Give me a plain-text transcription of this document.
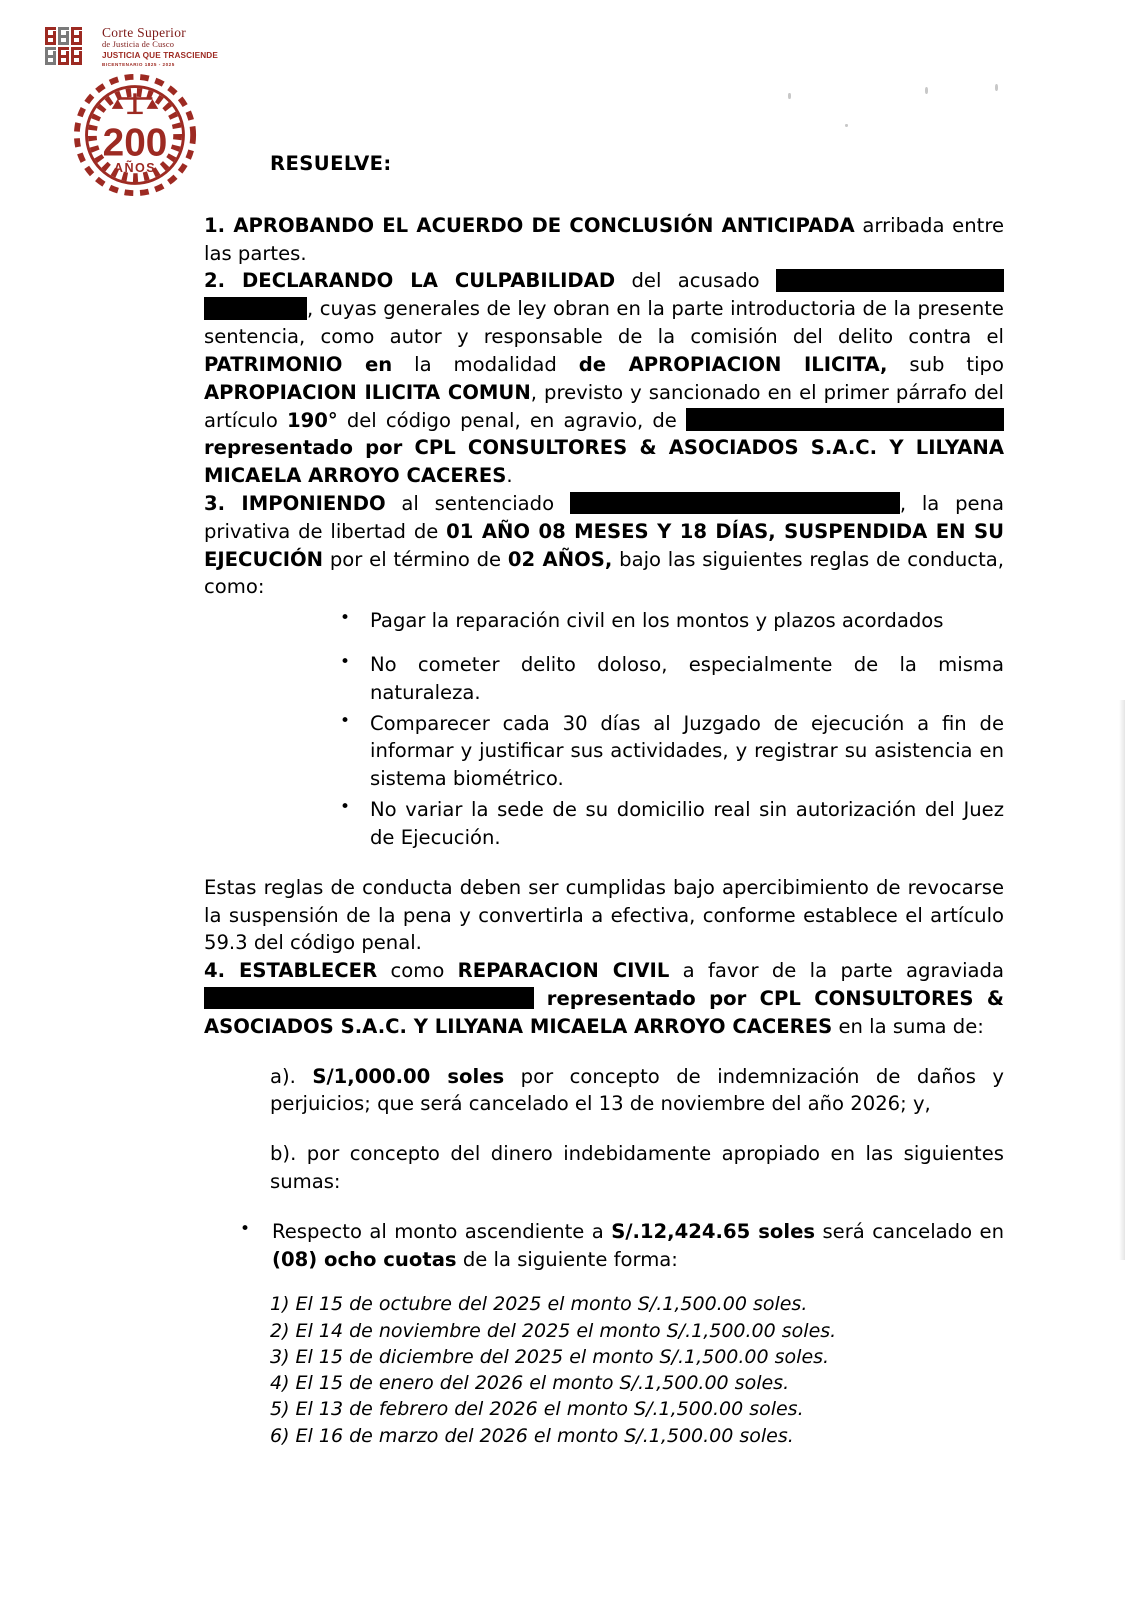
Corte Superior
de Justicia de Cusco
JUSTICIA QUE TRASCIENDE
BICENTENARIO 1825 - 2025
200
AÑOS	RESUELVE:

1. APROBANDO EL ACUERDO DE CONCLUSIÓN ANTICIPADA arribada entre las partes.

2. DECLARANDO LA CULPABILIDAD del acusado , cuyas generales de ley obran en la parte introductoria de la presente sentencia, como autor y responsable de la comisión del delito contra el PATRIMONIO en la modalidad de APROPIACION ILICITA, sub tipo APROPIACION ILICITA COMUN, previsto y sancionado en el primer párrafo del artículo 190° del código penal, en agravio, de  representado por CPL CONSULTORES & ASOCIADOS S.A.C. Y LILYANA MICAELA ARROYO CACERES.

3. IMPONIENDO al sentenciado	, la pena privativa de libertad de 01 AÑO 08 MESES Y 18 DÍAS, SUSPENDIDA EN SU EJECUCIÓN por el término de 02 AÑOS, bajo las siguientes reglas de conducta, como:

• Pagar la reparación civil en los montos y plazos acordados
• No cometer delito doloso, especialmente de la misma naturaleza.
• Comparecer cada 30 días al Juzgado de ejecución a fin de informar y justificar sus actividades, y registrar su asistencia en sistema biométrico.
• No variar la sede de su domicilio real sin autorización del Juez de Ejecución.

Estas reglas de conducta deben ser cumplidas bajo apercibimiento de revocarse la suspensión de la pena y convertirla a efectiva, conforme establece el artículo 59.3 del código penal.

4. ESTABLECER como REPARACION CIVIL a favor de la parte agraviada  representado por CPL CONSULTORES & ASOCIADOS S.A.C. Y LILYANA MICAELA ARROYO CACERES en la suma de:

a). S/1,000.00 soles por concepto de indemnización de daños y perjuicios; que será cancelado el 13 de noviembre del año 2026; y,

b). por concepto del dinero indebidamente apropiado en las siguientes sumas:

• Respecto al monto ascendiente a S/.12,424.65 soles será cancelado en (08) ocho cuotas de la siguiente forma:
1) El 15 de octubre del 2025 el monto S/.1,500.00 soles.
2) El 14 de noviembre del 2025 el monto S/.1,500.00 soles.
3) El 15 de diciembre del 2025 el monto S/.1,500.00 soles.
4) El 15 de enero del 2026 el monto S/.1,500.00 soles.
5) El 13 de febrero del 2026 el monto S/.1,500.00 soles.
6) El 16 de marzo del 2026 el monto S/.1,500.00 soles.
